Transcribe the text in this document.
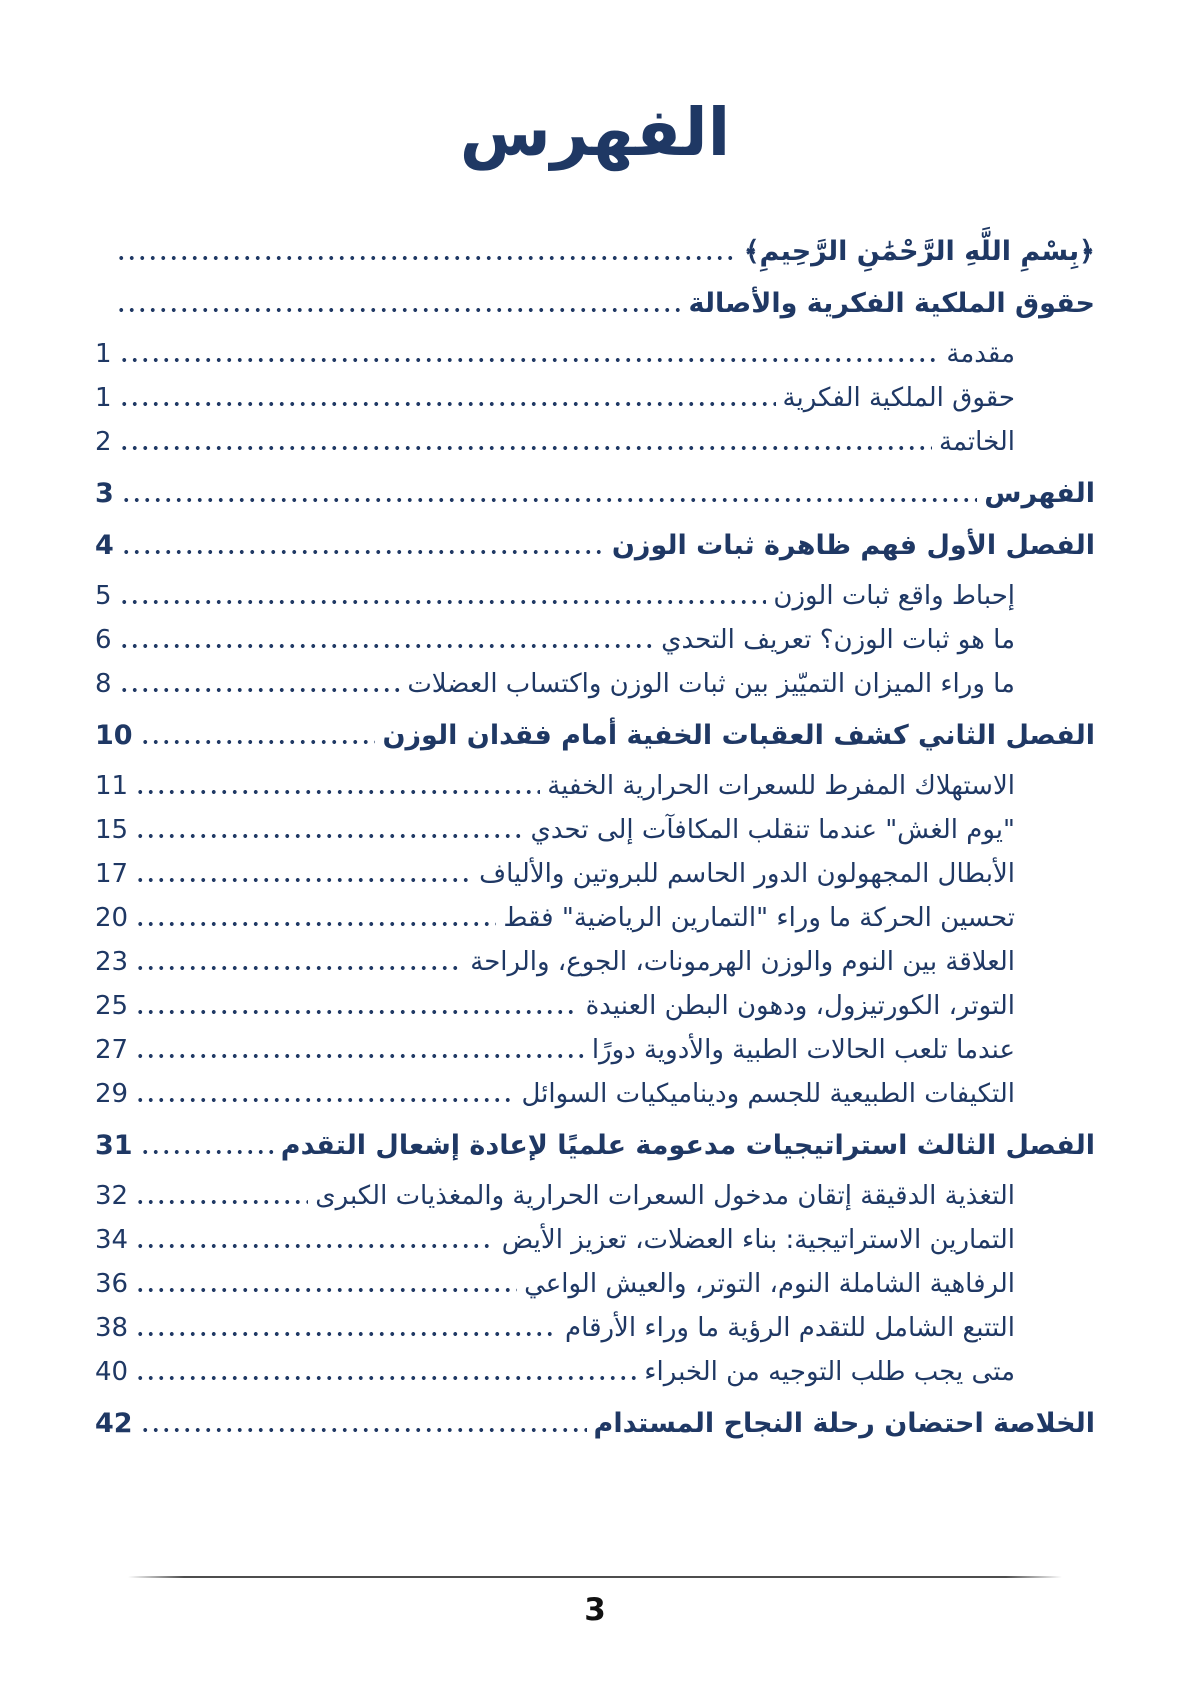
الفهرس
﴿بِسْمِ اللَّهِ الرَّحْمَٰنِ الرَّحِيمِ﴾
حقوق الملكية الفكرية والأصالة
مقدمة
1
حقوق الملكية الفكرية
1
الخاتمة
2
الفهرس
3
الفصل الأول فهم ظاهرة ثبات الوزن
4
إحباط واقع ثبات الوزن
5
ما هو ثبات الوزن؟ تعريف التحدي
6
ما وراء الميزان التميّيز بين ثبات الوزن واكتساب العضلات
8
الفصل الثاني كشف العقبات الخفية أمام فقدان الوزن
10
الاستهلاك المفرط للسعرات الحرارية الخفية
11
"يوم الغش" عندما تنقلب المكافآت إلى تحدي
15
الأبطال المجهولون الدور الحاسم للبروتين والألياف
17
تحسين الحركة ما وراء "التمارين الرياضية" فقط
20
العلاقة بين النوم والوزن الهرمونات، الجوع، والراحة
23
التوتر، الكورتيزول، ودهون البطن العنيدة
25
عندما تلعب الحالات الطبية والأدوية دورًا
27
التكيفات الطبيعية للجسم وديناميكيات السوائل
29
الفصل الثالث استراتيجيات مدعومة علميًا لإعادة إشعال التقدم
31
التغذية الدقيقة إتقان مدخول السعرات الحرارية والمغذيات الكبرى
32
التمارين الاستراتيجية: بناء العضلات، تعزيز الأيض
34
الرفاهية الشاملة النوم، التوتر، والعيش الواعي
36
التتبع الشامل للتقدم الرؤية ما وراء الأرقام
38
متى يجب طلب التوجيه من الخبراء
40
الخلاصة احتضان رحلة النجاح المستدام
42
3
